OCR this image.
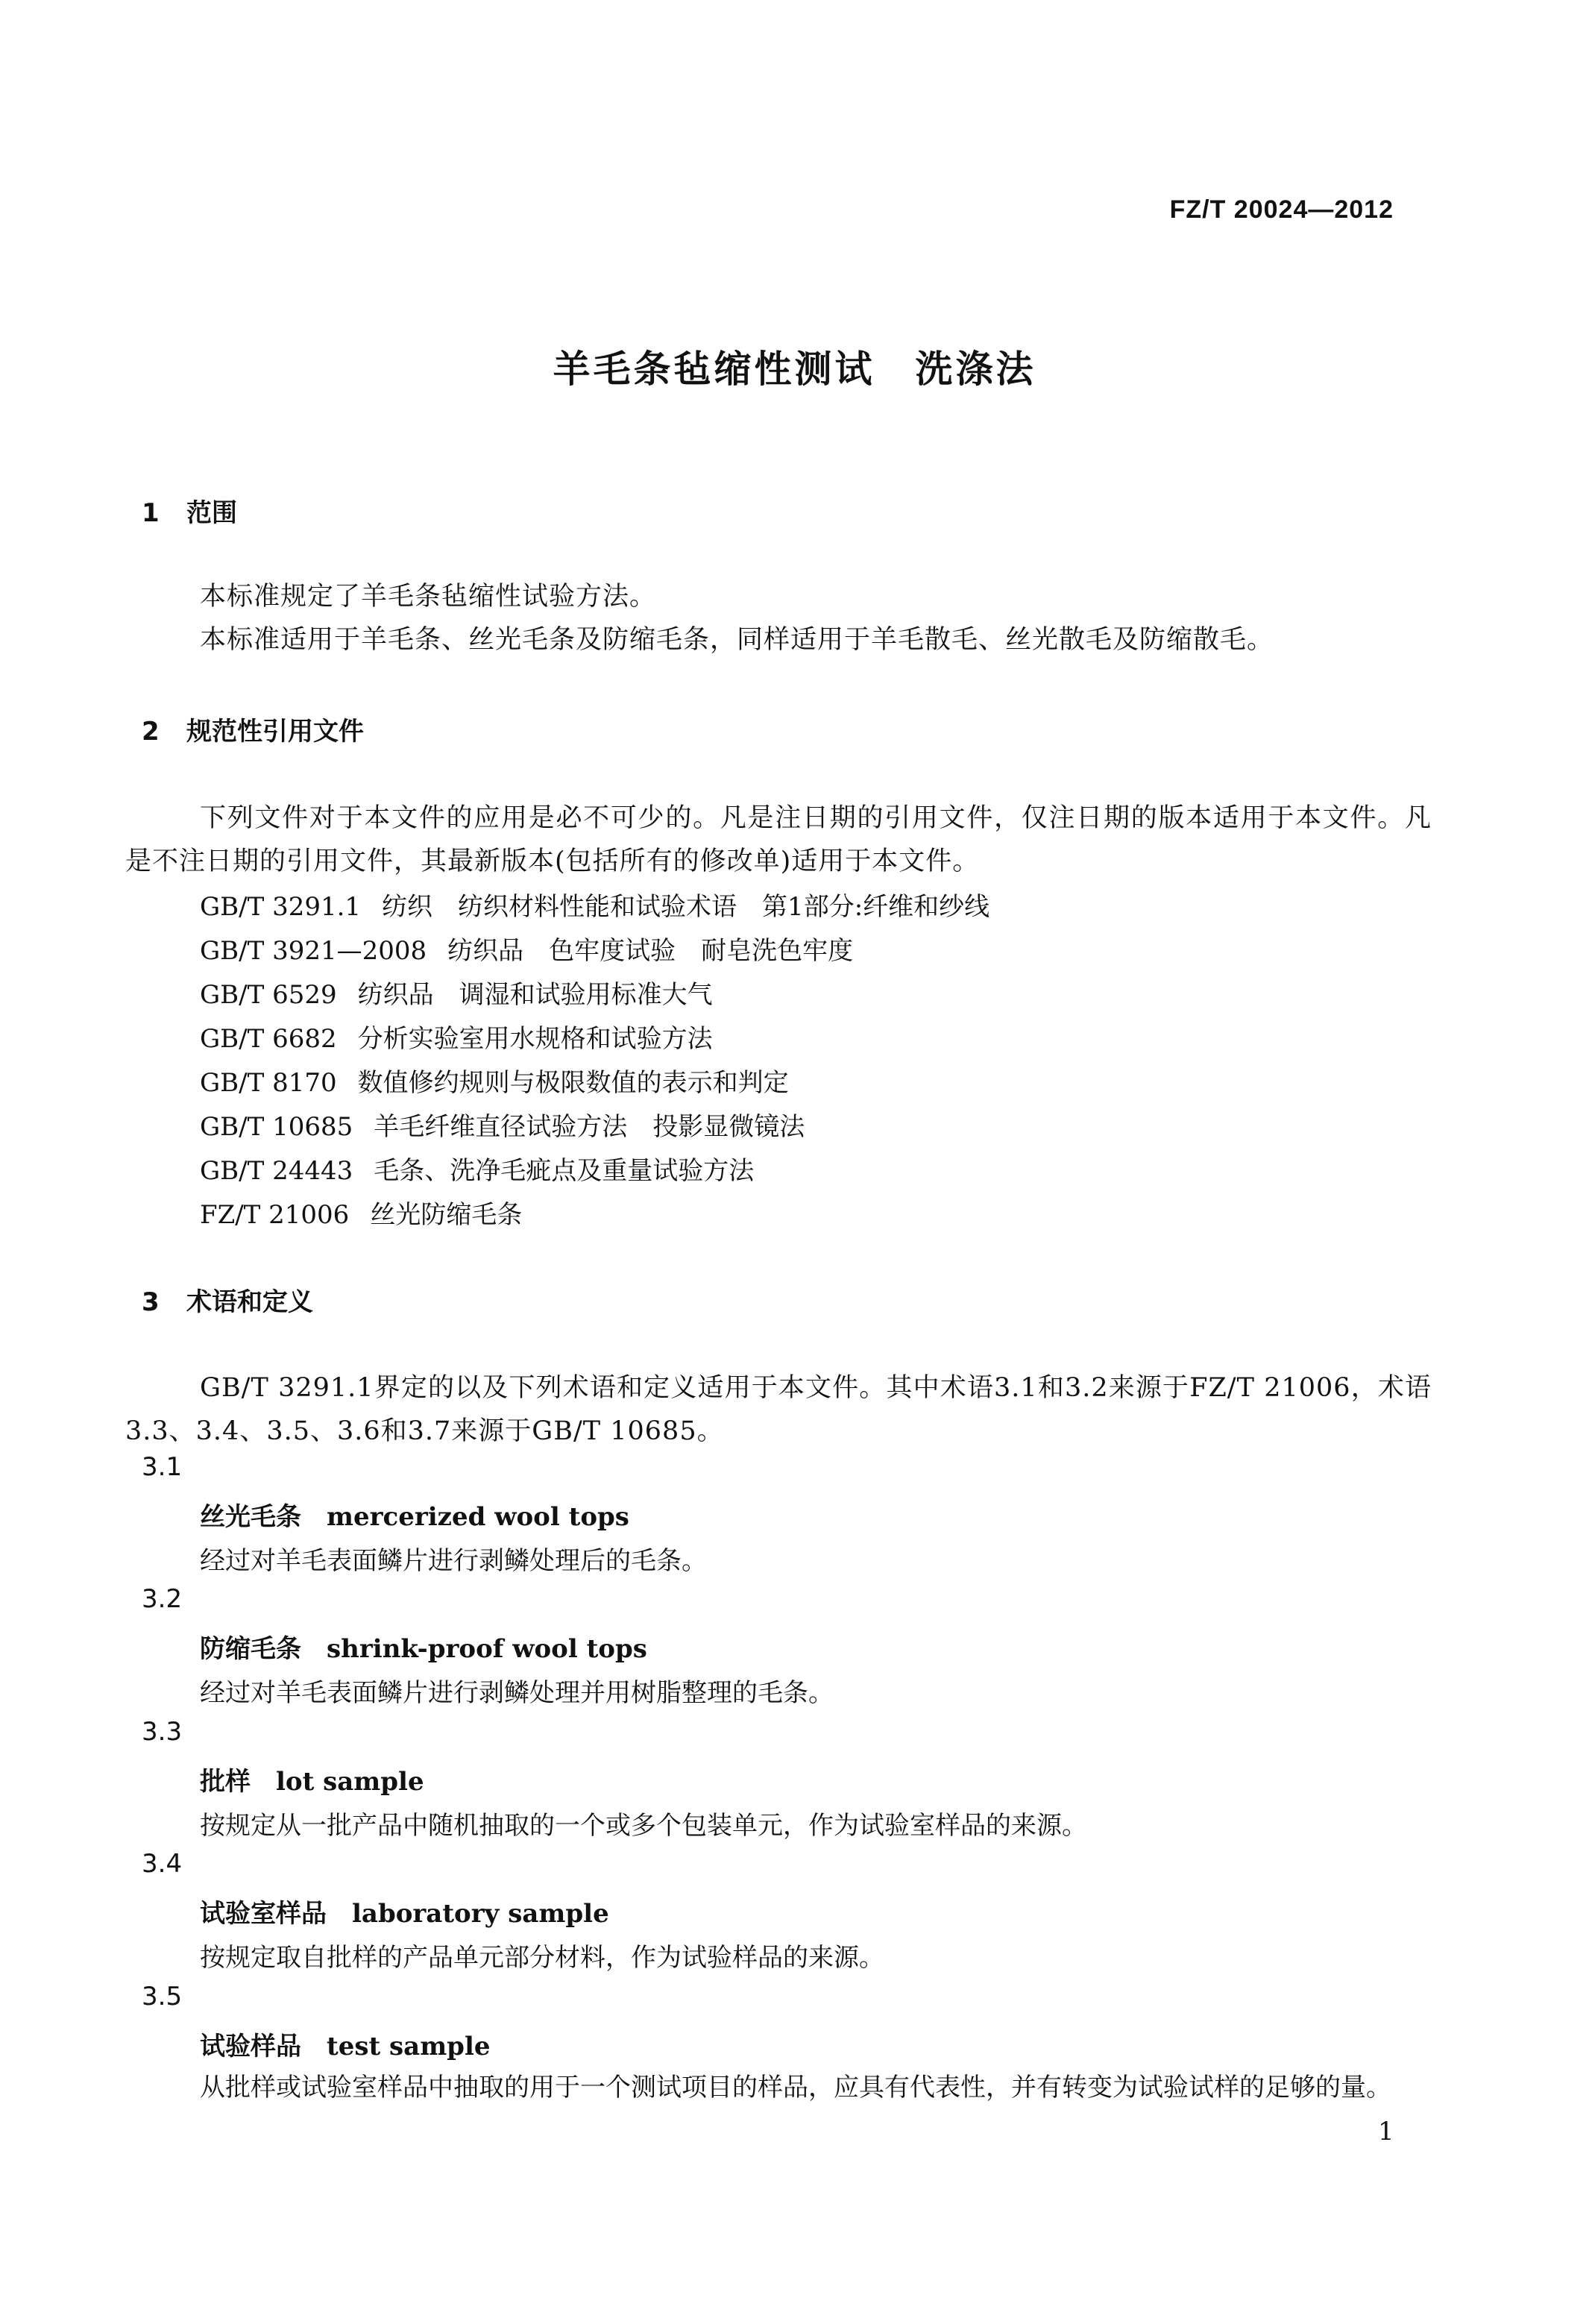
FZ/T 20024—2012
羊毛条毡缩性测试　洗涤法
1 范围
本标准规定了羊毛条毡缩性试验方法。
本标准适用于羊毛条、丝光毛条及防缩毛条，同样适用于羊毛散毛、丝光散毛及防缩散毛。
2 规范性引用文件
下列文件对于本文件的应用是必不可少的。凡是注日期的引用文件，仅注日期的版本适用于本文件。凡是不注日期的引用文件，其最新版本(包括所有的修改单)适用于本文件。
GB/T 3291.1 纺织　纺织材料性能和试验术语　第1部分:纤维和纱线
GB/T 3921—2008 纺织品　色牢度试验　耐皂洗色牢度
GB/T 6529 纺织品　调湿和试验用标准大气
GB/T 6682 分析实验室用水规格和试验方法
GB/T 8170 数值修约规则与极限数值的表示和判定
GB/T 10685 羊毛纤维直径试验方法　投影显微镜法
GB/T 24443 毛条、洗净毛疵点及重量试验方法
FZ/T 21006 丝光防缩毛条
3 术语和定义
GB/T 3291.1界定的以及下列术语和定义适用于本文件。其中术语3.1和3.2来源于FZ/T 21006，术语3.3、3.4、3.5、3.6和3.7来源于GB/T 10685。
3.1
丝光毛条 mercerized wool tops
经过对羊毛表面鳞片进行剥鳞处理后的毛条。
3.2
防缩毛条 shrink-proof wool tops
经过对羊毛表面鳞片进行剥鳞处理并用树脂整理的毛条。
3.3
批样 lot sample
按规定从一批产品中随机抽取的一个或多个包装单元，作为试验室样品的来源。
3.4
试验室样品 laboratory sample
按规定取自批样的产品单元部分材料，作为试验样品的来源。
3.5
试验样品 test sample
从批样或试验室样品中抽取的用于一个测试项目的样品，应具有代表性，并有转变为试验试样的足够的量。
1
